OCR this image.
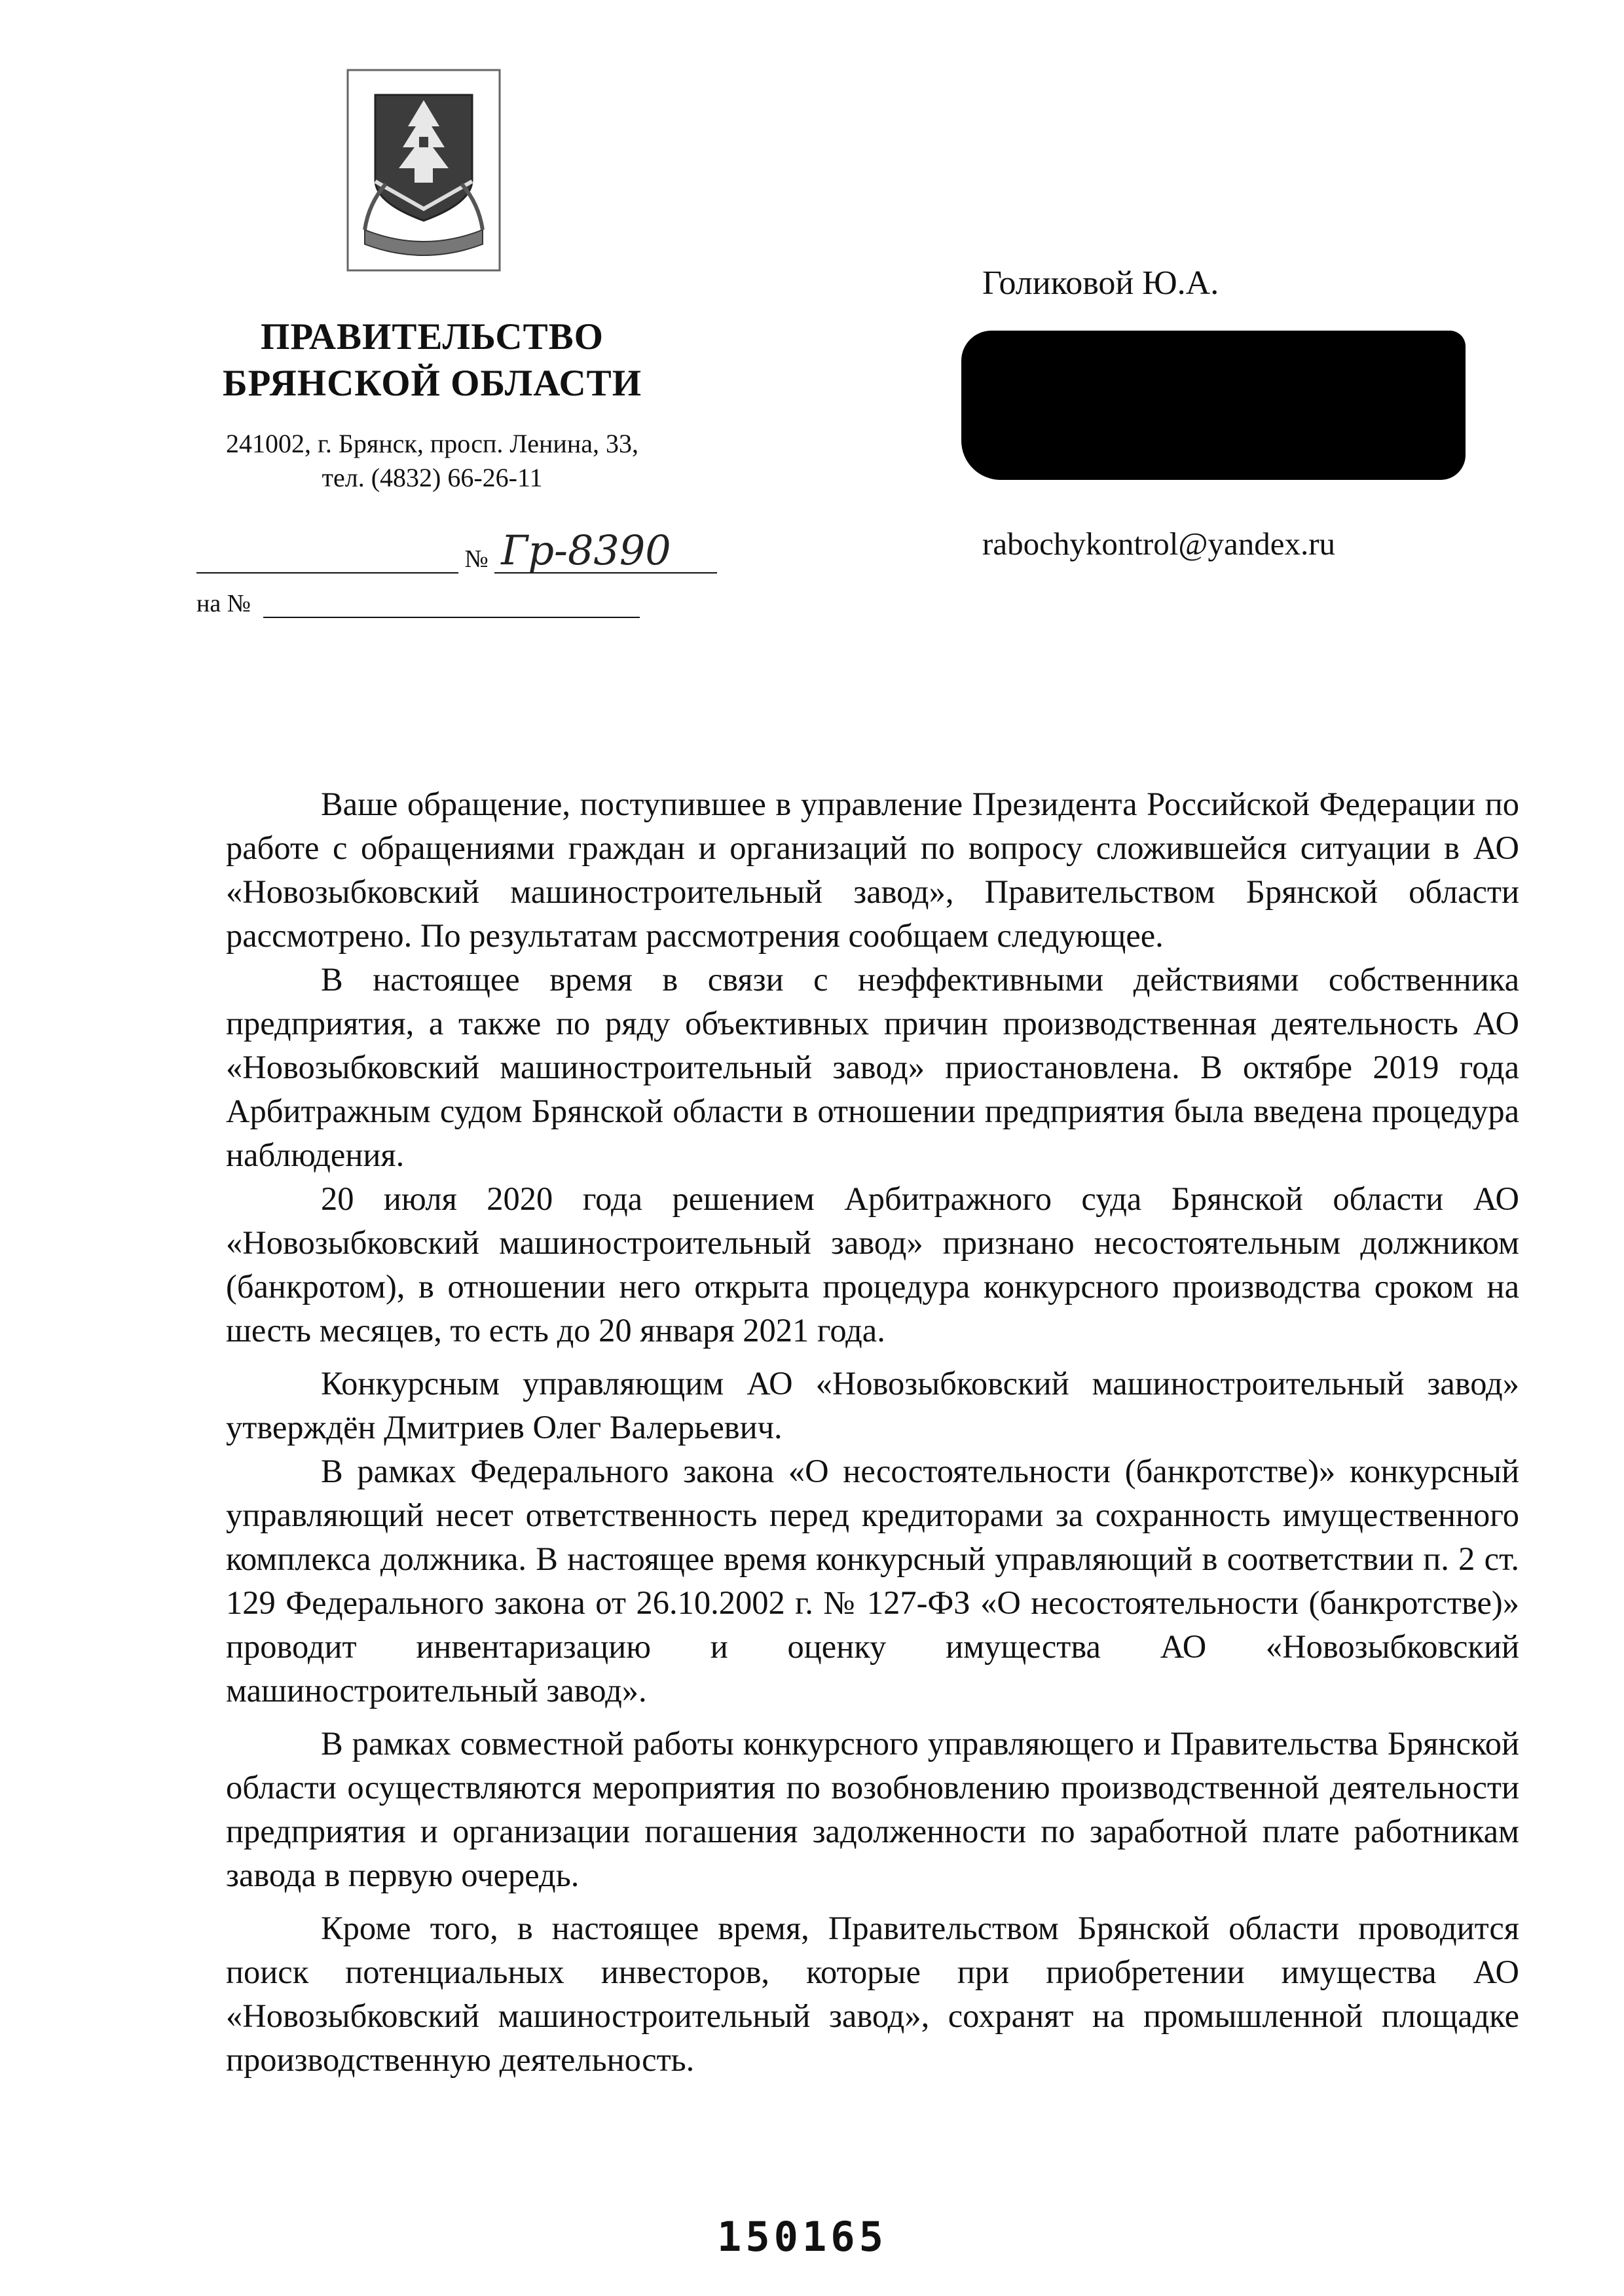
ПРАВИТЕЛЬСТВО
БРЯНСКОЙ ОБЛАСТИ
241002, г. Брянск, просп. Ленина, 33,
тел. (4832) 66-26-11
№ Гр-8390
на №
Голиковой Ю.А.
rabochykontrol@yandex.ru

Ваше обращение, поступившее в управление Президента Российской Федерации по работе с обращениями граждан и организаций по вопросу сложившейся ситуации в АО «Новозыбковский машиностроительный завод», Правительством Брянской области рассмотрено. По результатам рассмотрения сообщаем следующее.

В настоящее время в связи с неэффективными действиями собственника предприятия, а также по ряду объективных причин производственная деятельность АО «Новозыбковский машиностроительный завод» приостановлена. В октябре 2019 года Арбитражным судом Брянской области в отношении предприятия была введена процедура наблюдения.

20 июля 2020 года решением Арбитражного суда Брянской области АО «Новозыбковский машиностроительный завод» признано несостоятельным должником (банкротом), в отношении него открыта процедура конкурсного производства сроком на шесть месяцев, то есть до 20 января 2021 года.

Конкурсным управляющим АО «Новозыбковский машиностроительный завод» утверждён Дмитриев Олег Валерьевич.

В рамках Федерального закона «О несостоятельности (банкротстве)» конкурсный управляющий несет ответственность перед кредиторами за сохранность имущественного комплекса должника. В настоящее время конкурсный управляющий в соответствии п. 2 ст. 129 Федерального закона от 26.10.2002 г. № 127-ФЗ «О несостоятельности (банкротстве)» проводит инвентаризацию и оценку имущества АО «Новозыбковский машиностроительный завод».

В рамках совместной работы конкурсного управляющего и Правительства Брянской области осуществляются мероприятия по возобновлению производственной деятельности предприятия и организации погашения задолженности по заработной плате работникам завода в первую очередь.

Кроме того, в настоящее время, Правительством Брянской области проводится поиск потенциальных инвесторов, которые при приобретении имущества АО «Новозыбковский машиностроительный завод», сохранят на промышленной площадке производственную деятельность.

150165
